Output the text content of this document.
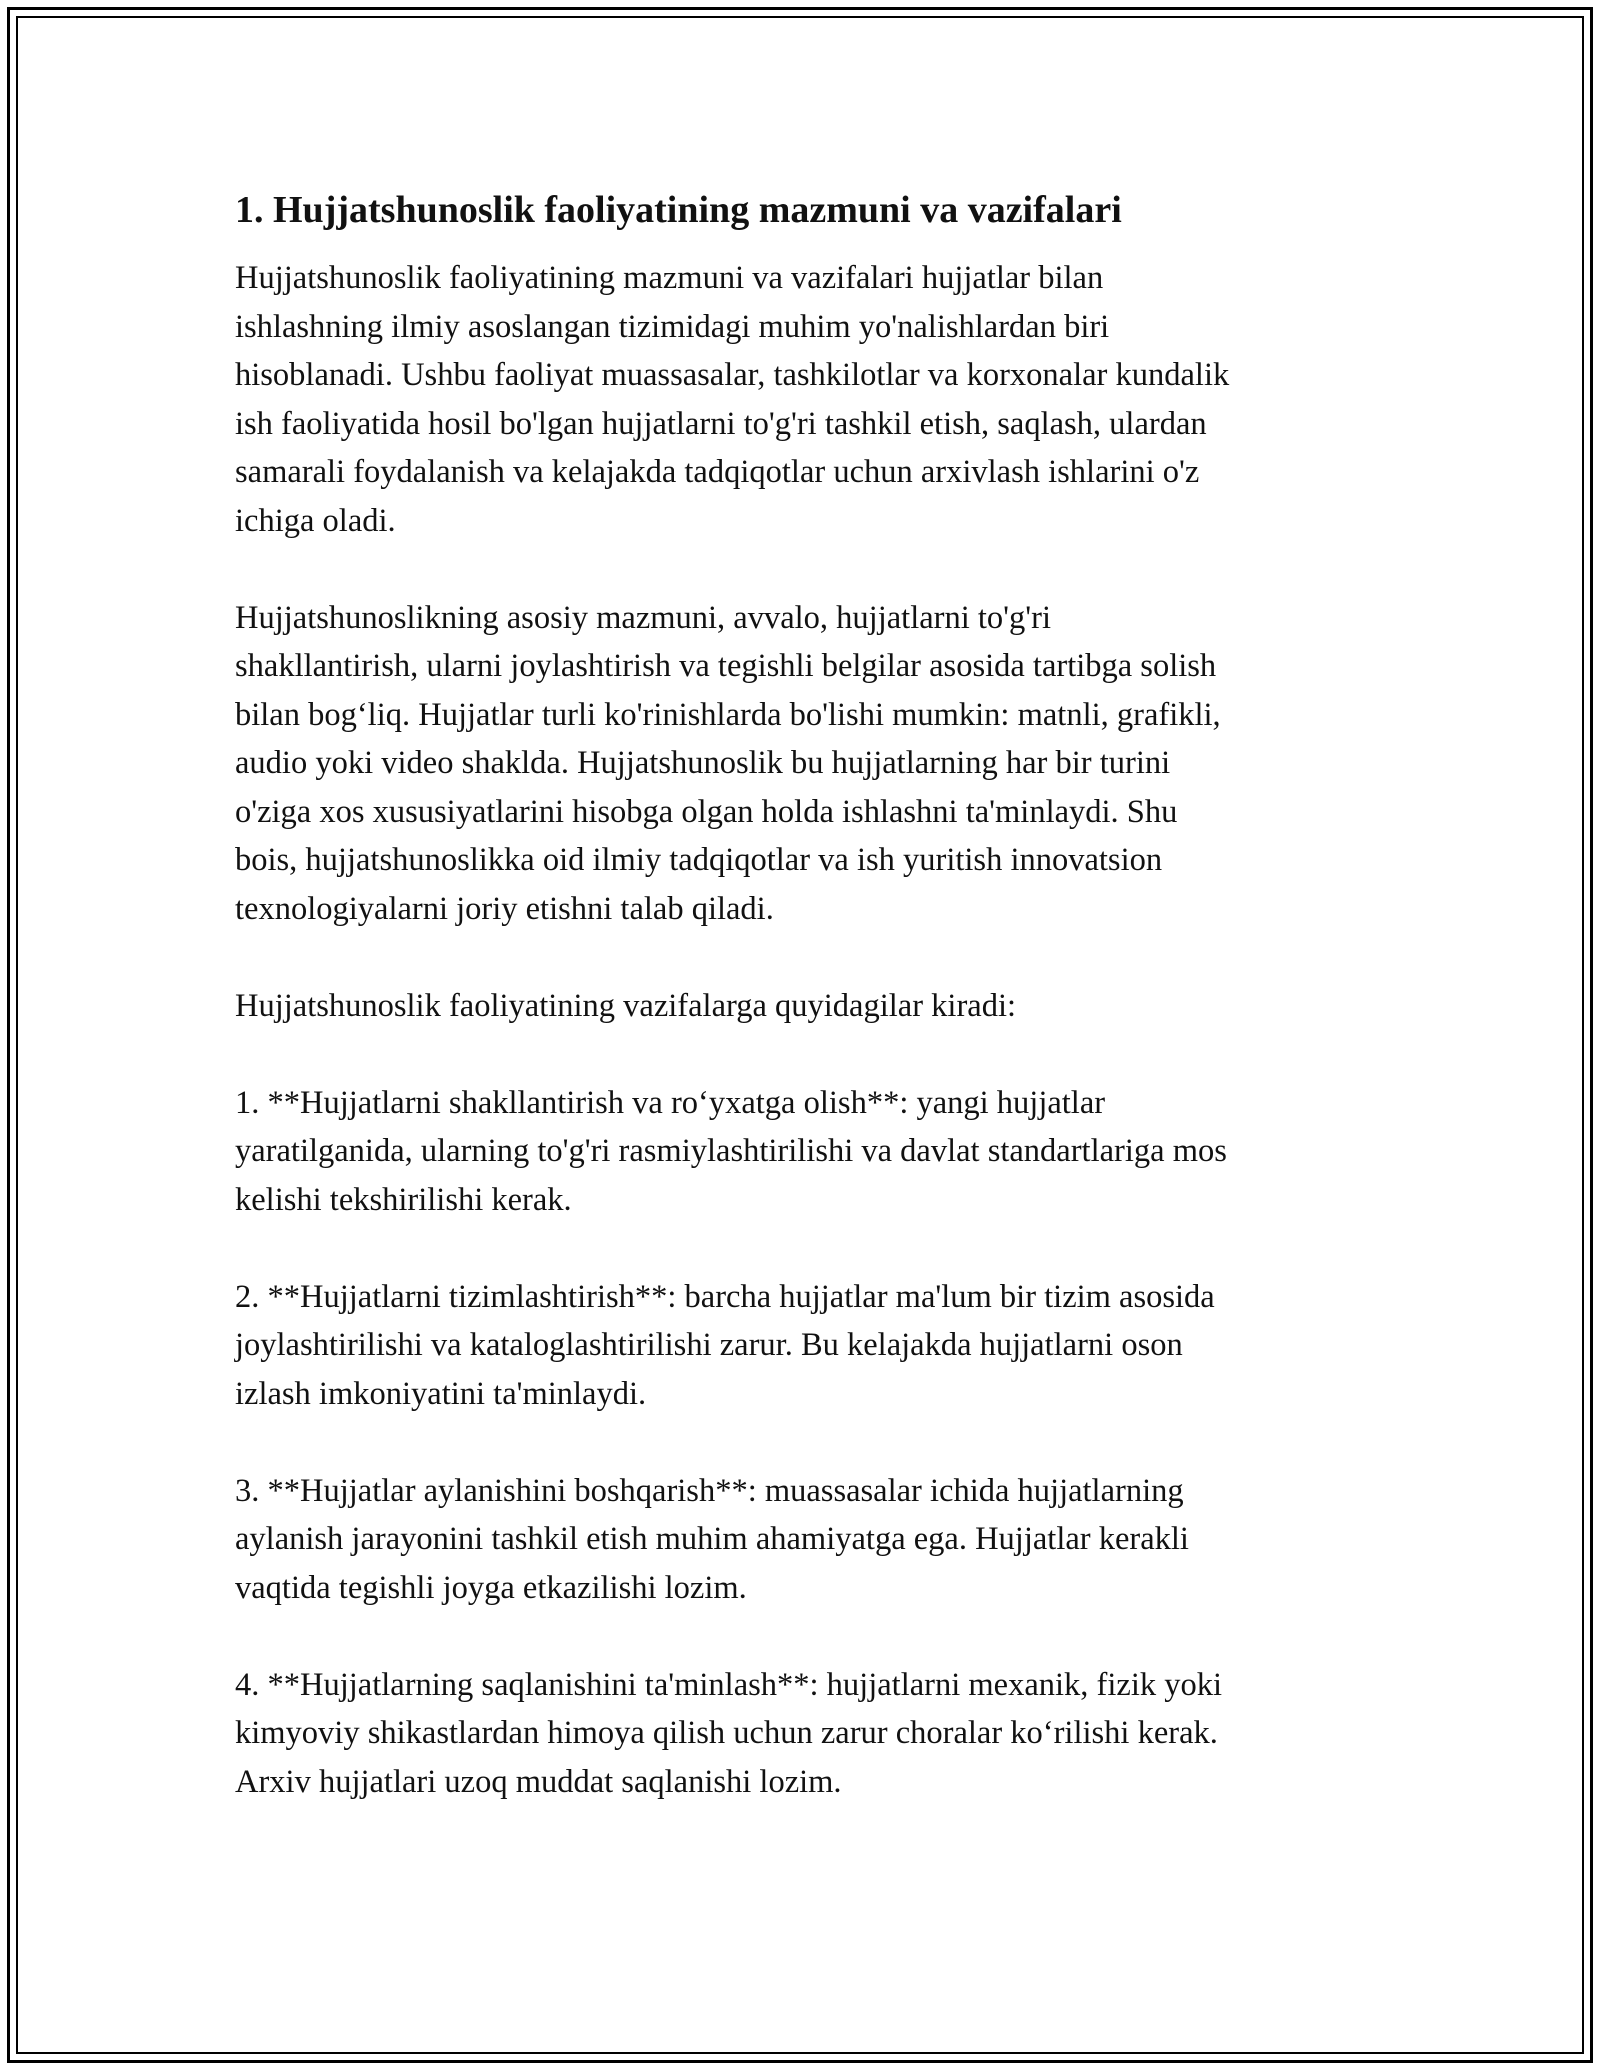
1. Hujjatshunoslik faoliyatining mazmuni va vazifalari

Hujjatshunoslik faoliyatining mazmuni va vazifalari hujjatlar bilan
ishlashning ilmiy asoslangan tizimidagi muhim yo'nalishlardan biri
hisoblanadi. Ushbu faoliyat muassasalar, tashkilotlar va korxonalar kundalik
ish faoliyatida hosil bo'lgan hujjatlarni to'g'ri tashkil etish, saqlash, ulardan
samarali foydalanish va kelajakda tadqiqotlar uchun arxivlash ishlarini o'z
ichiga oladi.

Hujjatshunoslikning asosiy mazmuni, avvalo, hujjatlarni to'g'ri
shakllantirish, ularni joylashtirish va tegishli belgilar asosida tartibga solish
bilan bog‘liq. Hujjatlar turli ko'rinishlarda bo'lishi mumkin: matnli, grafikli,
audio yoki video shaklda. Hujjatshunoslik bu hujjatlarning har bir turini
o'ziga xos xususiyatlarini hisobga olgan holda ishlashni ta'minlaydi. Shu
bois, hujjatshunoslikka oid ilmiy tadqiqotlar va ish yuritish innovatsion
texnologiyalarni joriy etishni talab qiladi.

Hujjatshunoslik faoliyatining vazifalarga quyidagilar kiradi:

1. **Hujjatlarni shakllantirish va ro‘yxatga olish**: yangi hujjatlar
yaratilganida, ularning to'g'ri rasmiylashtirilishi va davlat standartlariga mos
kelishi tekshirilishi kerak.

2. **Hujjatlarni tizimlashtirish**: barcha hujjatlar ma'lum bir tizim asosida
joylashtirilishi va kataloglashtirilishi zarur. Bu kelajakda hujjatlarni oson
izlash imkoniyatini ta'minlaydi.

3. **Hujjatlar aylanishini boshqarish**: muassasalar ichida hujjatlarning
aylanish jarayonini tashkil etish muhim ahamiyatga ega. Hujjatlar kerakli
vaqtida tegishli joyga etkazilishi lozim.

4. **Hujjatlarning saqlanishini ta'minlash**: hujjatlarni mexanik, fizik yoki
kimyoviy shikastlardan himoya qilish uchun zarur choralar ko‘rilishi kerak.
Arxiv hujjatlari uzoq muddat saqlanishi lozim.
